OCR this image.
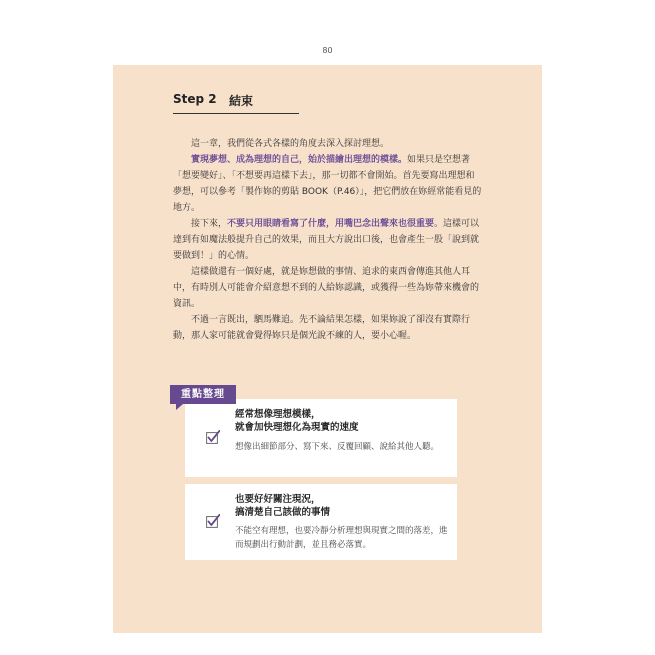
80
Step 2 結束

這一章，我們從各式各樣的角度去深入探討理想。

實現夢想、成為理想的自己，始於描繪出理想的模樣。如果只是空想著「想要變好」、「不想要再這樣下去」，那一切都不會開始。首先要寫出理想和夢想，可以參考「製作妳的剪貼 BOOK（P.46）」，把它們放在妳經常能看見的地方。

接下來，不要只用眼睛看寫了什麼，用嘴巴念出聲來也很重要。這樣可以達到有如魔法般提升自己的效果，而且大方說出口後，也會產生一股「說到就要做到！」的心情。

這樣做還有一個好處，就是妳想做的事情、追求的東西會傳進其他人耳中，有時別人可能會介紹意想不到的人給妳認識，或獲得一些為妳帶來機會的資訊。

不過一言既出，駟馬難追。先不論結果怎樣，如果妳說了卻沒有實際行動，那人家可能就會覺得妳只是個光說不練的人，要小心喔。

經常想像理想模樣，
就會加快理想化為現實的速度
想像出細節部分、寫下來、反覆回顧、說給其他人聽。
也要好好關注現況，
搞清楚自己該做的事情
不能空有理想，也要冷靜分析理想與現實之間的落差，進而規劃出行動計劃，並且務必落實。
重點整理
